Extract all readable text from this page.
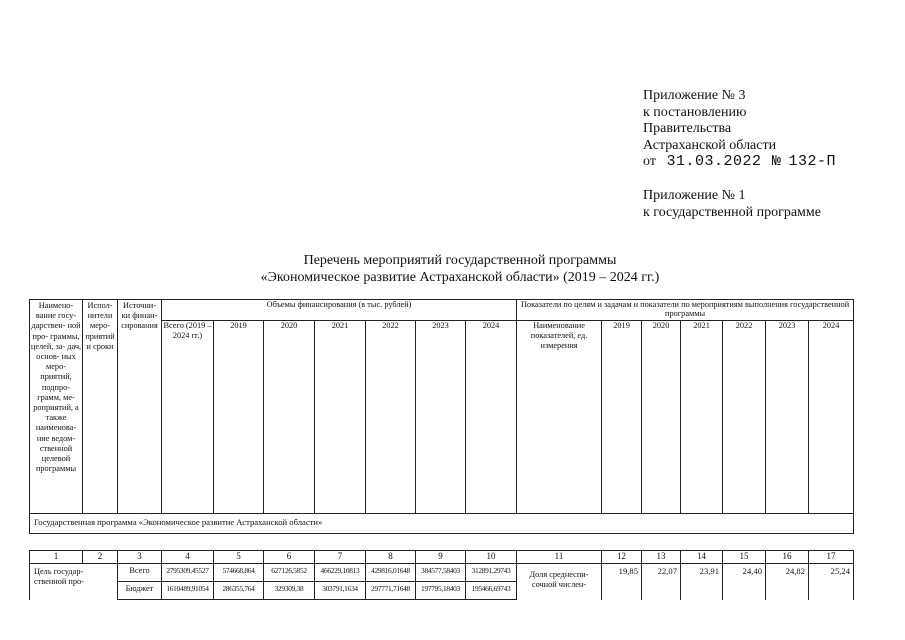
Приложение № 3
к постановлению
Правительства
Астраханской области
от 31.03.2022 № 132-П
Приложение № 1
к государственной программе
Перечень мероприятий государственной программы
«Экономическое развитие Астраханской области» (2019 – 2024 гг.)
Наимено- вание госу- дарствен- ной про- граммы, целей, за- дач, основ- ных меро- приятий, подпро- грамм, ме- роприятий, а также наименова- ние ведом- ственной целевой программы	Испол- нители меро- приятий и сроки	Источни- ки финан- сирования	Объемы финансирования (в тыс. рублей)							Показатели по целям и задачам и показатели по мероприятиям выполнения государственной программы						
			Всего (2019 – 2024 гг.)	2019	2020	2021	2022	2023	2024	Наименование показателей, ед. измерения	2019	2020	2021	2022	2023	2024
Государственная программа «Экономическое развитие Астраханской области»																
1	2	3	4	5	6	7	8	9	10	11	12	13	14	15	16	17
Цель государ- ственной про-		Всего	2795309,45527	574668,864	627126,5852	466229,10813	429816,01648	384577,58403	312891,29743	Доля среднеспи- сочной числен-	19,85	22,07	23,91	24,40	24,82	25,24
		Бюджет	1610489,91054	286355,764	329309,38	303791,1634	297771,71648	197795,18403	195466,69743							
